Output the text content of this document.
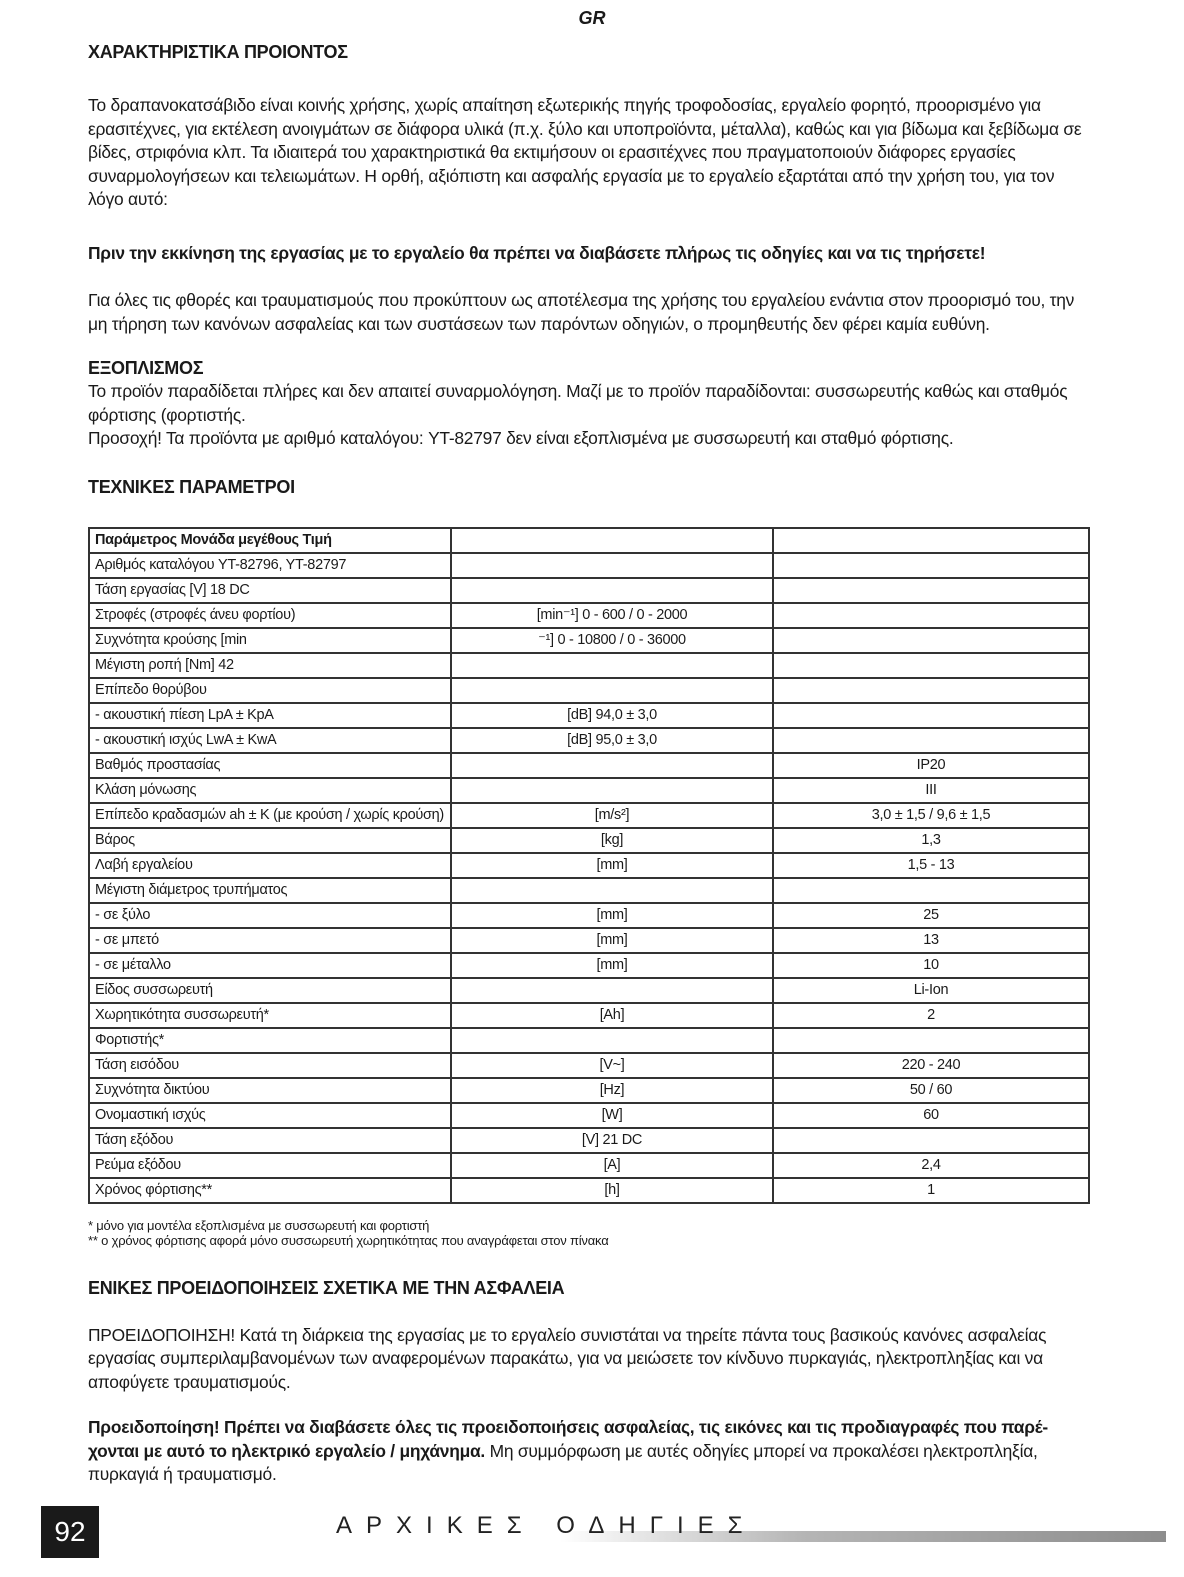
GR
ΧΑΡΑΚΤΗΡΙΣΤΙΚΑ ΠΡΟΙΟΝΤΟΣ

Το δραπανοκατσάβιδο είναι κοινής χρήσης, χωρίς απαίτηση εξωτερικής πηγής τροφοδοσίας, εργαλείο φορητό, προορισμένο για ερασιτέχνες, για εκτέλεση ανοιγμάτων σε διάφορα υλικά (π.χ. ξύλο και υποπροϊόντα, μέταλλα), καθώς και για βίδωμα και ξεβίδωμα σε βίδες, στριφόνια κλπ. Τα ιδιαιτερά του χαρακτηριστικά θα εκτιμήσουν οι ερασιτέχνες που πραγματοποιούν διάφορες εργασίες συναρμολογήσεων και τελειωμάτων. Η ορθή, αξιόπιστη και ασφαλής εργασία με το εργαλείο εξαρτάται από την χρήση του, για τον λόγο αυτό:

Πριν την εκκίνηση της εργασίας με το εργαλείο θα πρέπει να διαβάσετε πλήρως τις οδηγίες και να τις τηρήσετε!

Για όλες τις φθορές και τραυματισμούς που προκύπτουν ως αποτέλεσμα της χρήσης του εργαλείου ενάντια στον προορισμό του, την μη τήρηση των κανόνων ασφαλείας και των συστάσεων των παρόντων οδηγιών, ο προμηθευτής δεν φέρει καμία ευθύνη.

ΕΞΟΠΛΙΣΜΟΣ

Το προϊόν παραδίδεται πλήρες και δεν απαιτεί συναρμολόγηση. Μαζί με το προϊόν παραδίδονται: συσσωρευτής καθώς και σταθμός φόρτισης (φορτιστής.

Προσοχή! Τα προϊόντα με αριθμό καταλόγου: YT-82797 δεν είναι εξοπλισμένα με συσσωρευτή και σταθμό φόρτισης.

ΤΕΧΝΙΚΕΣ ΠΑΡΑΜΕΤΡΟΙ
Παράμετρος Μονάδα μεγέθους Τιμή		
Αριθμός καταλόγου YT-82796, YT-82797		
Τάση εργασίας [V] 18 DC		
Στροφές (στροφές άνευ φορτίου)	[min⁻¹] 0 - 600 / 0 - 2000	
Συχνότητα κρούσης [min	⁻¹] 0 - 10800 / 0 - 36000	
Μέγιστη ροπή [Nm] 42		
Επίπεδο θορύβου		
- ακουστική πίεση LpA ± KpA	[dB] 94,0 ± 3,0	
- ακουστική ισχύς LwA ± KwA	[dB] 95,0 ± 3,0	
Βαθμός προστασίας		IP20
Κλάση μόνωσης		III
Επίπεδο κραδασμών ah ± K (με κρούση / χωρίς κρούση)	[m/s²]	3,0 ± 1,5 / 9,6 ± 1,5
Βάρος	[kg]	1,3
Λαβή εργαλείου	[mm]	1,5 - 13
Μέγιστη διάμετρος τρυπήματος		
- σε ξύλο	[mm]	25
- σε μπετό	[mm]	13
- σε μέταλλο	[mm]	10
Είδος συσσωρευτή		Li-Ion
Χωρητικότητα συσσωρευτή*	[Ah]	2
Φορτιστής*		
Τάση εισόδου	[V~]	220 - 240
Συχνότητα δικτύου	[Hz]	50 / 60
Ονομαστική ισχύς	[W]	60
Τάση εξόδου	[V] 21 DC	
Ρεύμα εξόδου	[A]	2,4
Χρόνος φόρτισης**	[h]	1
* μόνο για μοντέλα εξοπλισμένα με συσσωρευτή και φορτιστή
** ο χρόνος φόρτισης αφορά μόνο συσσωρευτή χωρητικότητας που αναγράφεται στον πίνακα
ΕΝΙΚΕΣ ΠΡΟΕΙΔΟΠΟΙΗΣΕΙΣ ΣΧΕΤΙΚΑ ΜΕ ΤΗΝ ΑΣΦΑΛΕΙΑ

ΠΡΟΕΙΔΟΠΟΙΗΣΗ! Κατά τη διάρκεια της εργασίας με το εργαλείο συνιστάται να τηρείτε πάντα τους βασικούς κανόνες ασφαλείας εργασίας συμπεριλαμβανομένων των αναφερομένων παρακάτω, για να μειώσετε τον κίνδυνο πυρκαγιάς, ηλεκτροπληξίας και να αποφύγετε τραυματισμούς.

Προειδοποίηση! Πρέπει να διαβάσετε όλες τις προειδοποιήσεις ασφαλείας, τις εικόνες και τις προδιαγραφές που παρέχονται με αυτό το ηλεκτρικό εργαλείο / μηχάνημα. Μη συμμόρφωση με αυτές οδηγίες μπορεί να προκαλέσει ηλεκτροπληξία, πυρκαγιά ή τραυματισμό.

92	ΑΡΧΙΚΕΣ ΟΔΗΓΙΕΣ
